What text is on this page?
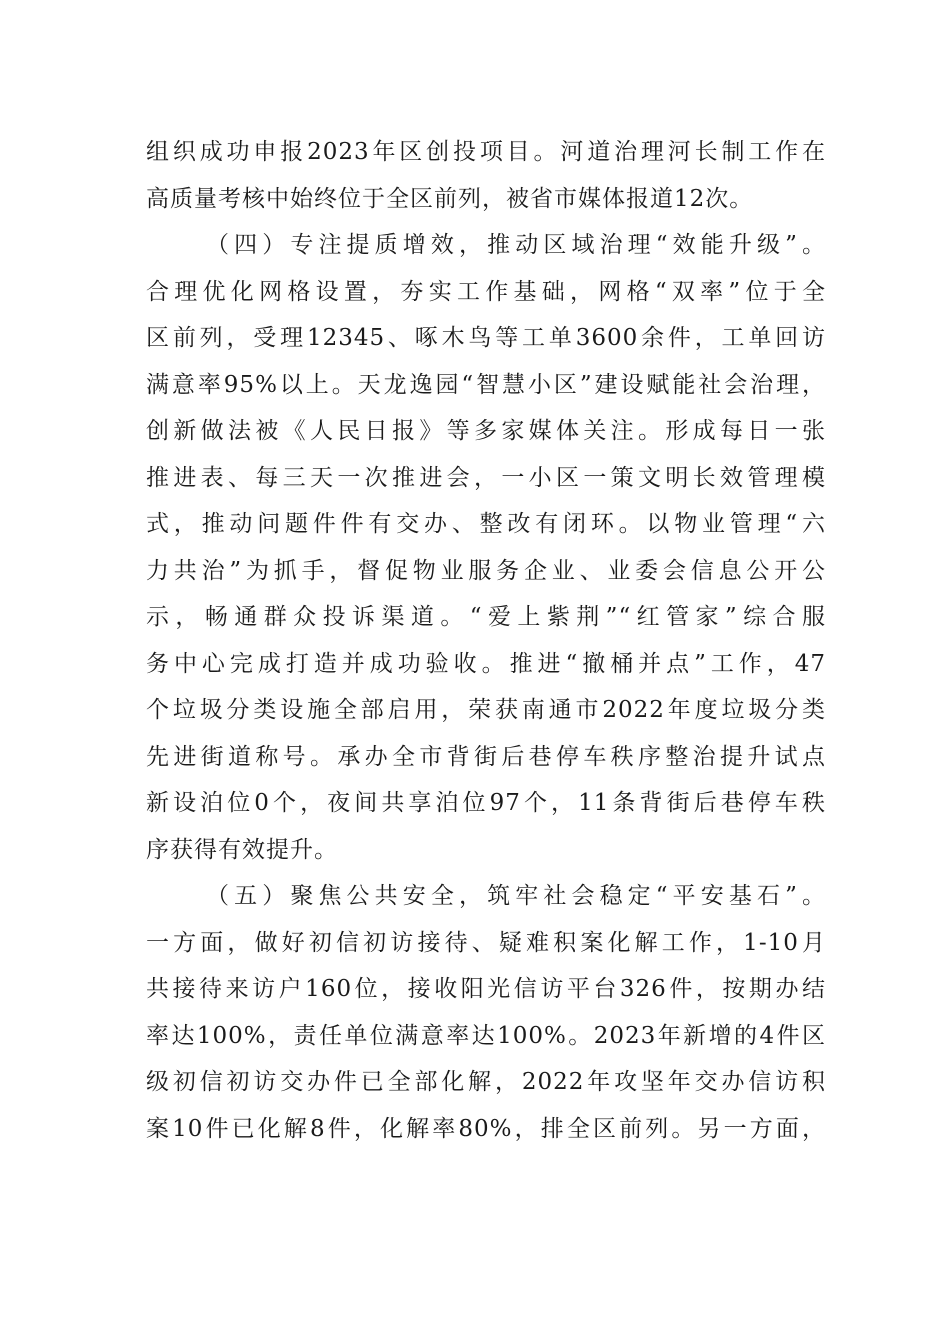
组织成功申报2023年区创投项目。河道治理河长制工作在
高质量考核中始终位于全区前列，被省市媒体报道12次。
（四）专注提质增效，推动区域治理“效能升级”。
合理优化网格设置，夯实工作基础，网格“双率”位于全
区前列，受理12345、啄木鸟等工单3600余件，工单回访
满意率95%以上。天龙逸园“智慧小区”建设赋能社会治理，
创新做法被《人民日报》等多家媒体关注。形成每日一张
推进表、每三天一次推进会，一小区一策文明长效管理模
式，推动问题件件有交办、整改有闭环。以物业管理“六
力共治”为抓手，督促物业服务企业、业委会信息公开公
示，畅通群众投诉渠道。“爱上紫荆”“红管家”综合服
务中心完成打造并成功验收。推进“撤桶并点”工作，47
个垃圾分类设施全部启用，荣获南通市2022年度垃圾分类
先进街道称号。承办全市背街后巷停车秩序整治提升试点
新设泊位0个，夜间共享泊位97个，11条背街后巷停车秩
序获得有效提升。
（五）聚焦公共安全，筑牢社会稳定“平安基石”。
一方面，做好初信初访接待、疑难积案化解工作，1-10月
共接待来访户160位，接收阳光信访平台326件，按期办结
率达100%，责任单位满意率达100%。2023年新增的4件区
级初信初访交办件已全部化解，2022年攻坚年交办信访积
案10件已化解8件，化解率80%，排全区前列。另一方面，
